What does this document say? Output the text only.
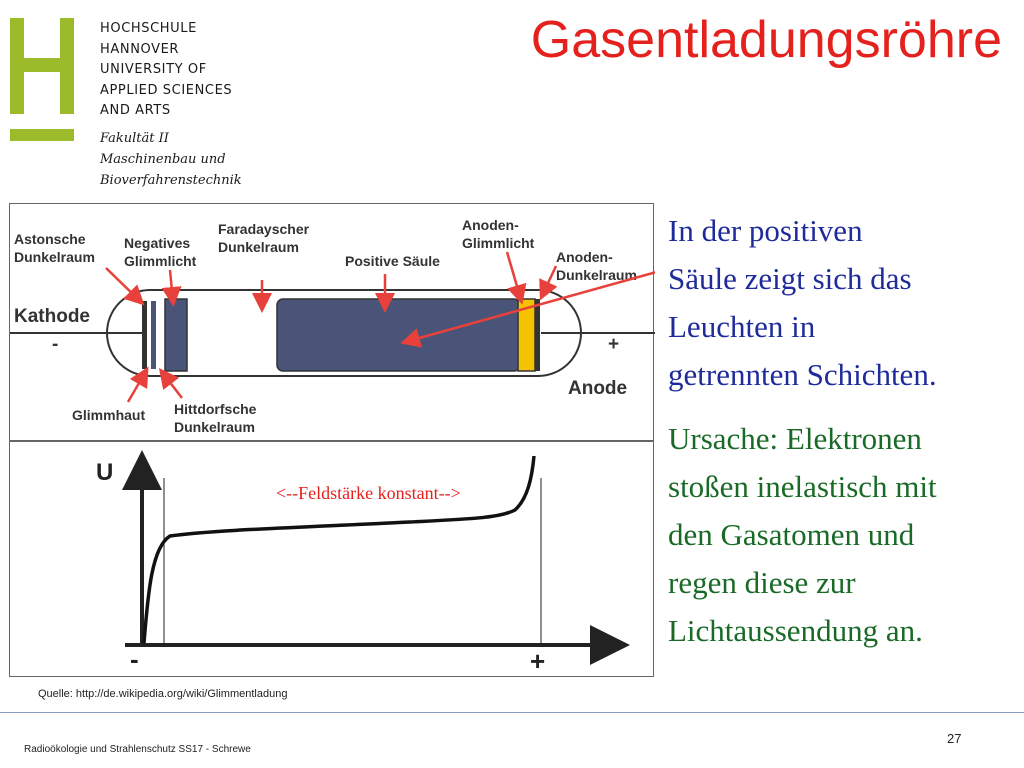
HOCHSCHULE
HANNOVER
UNIVERSITY OF
APPLIED SCIENCES
AND ARTS
Fakultät II
Maschinenbau und
Bioverfahrenstechnik
Gasentladungsröhre
Astonsche
Dunkelraum
Negatives
Glimmlicht
Faradayscher
Dunkelraum
Positive Säule
Anoden-
Glimmlicht
Anoden-
Dunkelraum
Kathode
-	+
Anode
Glimmhaut Hittdorfsche
Dunkelraum
U
-	+
<--Feldstärke konstant-->
In der positiven
Säule zeigt sich das
Leuchten in
getrennten Schichten.
Ursache: Elektronen
stoßen inelastisch mit
den Gasatomen und
regen diese zur
Lichtaussendung an.
Quelle: http://de.wikipedia.org/wiki/Glimmentladung
Radioökologie und Strahlenschutz SS17 - Schrewe
27
